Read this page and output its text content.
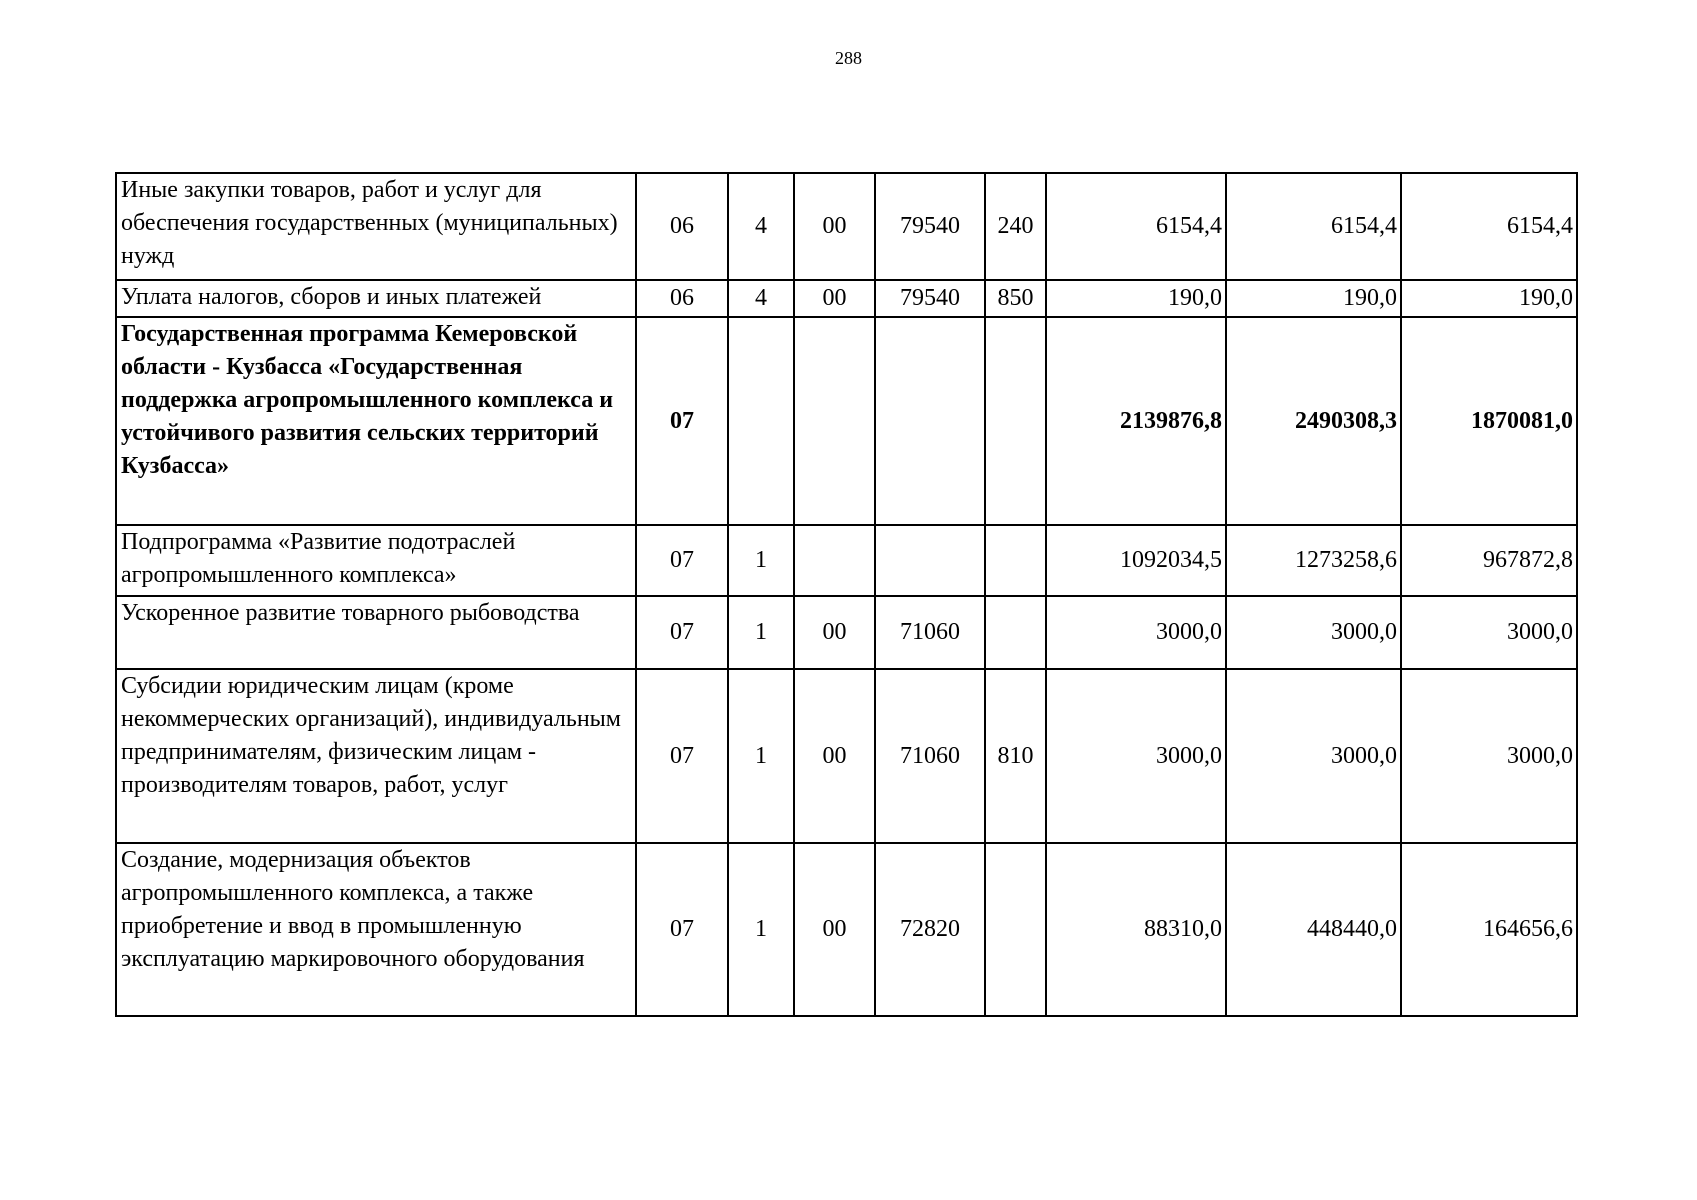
288
Иные закупки товаров, работ и услуг для обеспечения государственных (муниципальных) нужд	06	4	00	79540	240	6154,4	6154,4	6154,4
Уплата налогов, сборов и иных платежей	06	4	00	79540	850	190,0	190,0	190,0
Государственная программа Кемеровской области - Кузбасса «Государственная поддержка агропромышленного комплекса и устойчивого развития сельских территорий Кузбасса»	07					2139876,8	2490308,3	1870081,0
Подпрограмма «Развитие подотраслей агропромышленного комплекса»	07	1				1092034,5	1273258,6	967872,8
Ускоренное развитие товарного рыбоводства	07	1	00	71060		3000,0	3000,0	3000,0
Субсидии юридическим лицам (кроме некоммерческих организаций), индивидуальным предпринимателям, физическим лицам - производителям товаров, работ, услуг	07	1	00	71060	810	3000,0	3000,0	3000,0
Создание, модернизация объектов агропромышленного комплекса, а также приобретение и ввод в промышленную эксплуатацию маркировочного оборудования	07	1	00	72820		88310,0	448440,0	164656,6
